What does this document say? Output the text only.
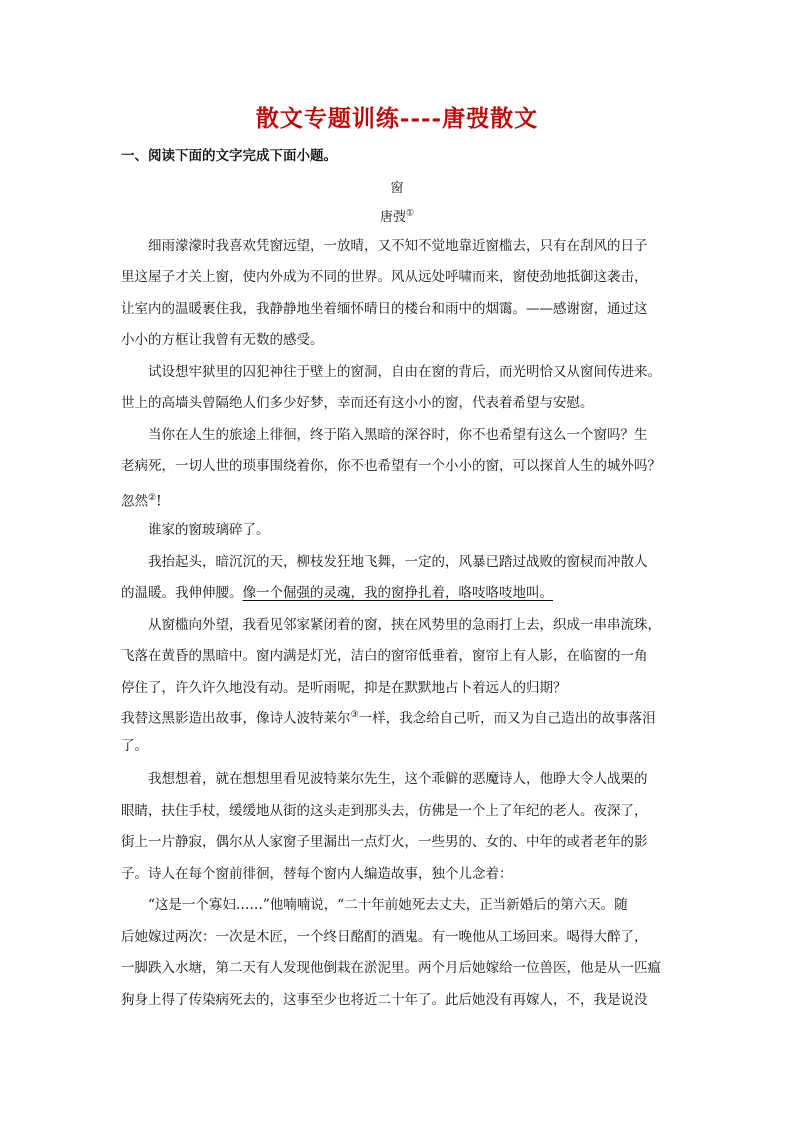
散文专题训练----唐弢散文
一、阅读下面的文字完成下面小题。
窗
唐弢①
细雨濛濛时我喜欢凭窗远望，一放晴，又不知不觉地靠近窗槛去，只有在刮风的日子
里这屋子才关上窗，使内外成为不同的世界。风从远处呼啸而来，窗使劲地抵御这袭击，
让室内的温暖裹住我，我静静地坐着缅怀晴日的楼台和雨中的烟霭。——感谢窗，通过这
小小的方框让我曾有无数的感受。
试设想牢狱里的囚犯神往于壁上的窗洞，自由在窗的背后，而光明恰又从窗间传进来。
世上的高墙头曾隔绝人们多少好梦，幸而还有这小小的窗，代表着希望与安慰。
当你在人生的旅途上徘徊，终于陷入黑暗的深谷时，你不也希望有这么一个窗吗？生
老病死，一切人世的琐事围绕着你，你不也希望有一个小小的窗，可以探首人生的城外吗？
忽然②!
谁家的窗玻璃碎了。
我抬起头，暗沉沉的天，柳枝发狂地飞舞，一定的，风暴已踏过战败的窗棂而冲散人
的温暖。我伸伸腰。像一个倔强的灵魂，我的窗挣扎着，咯吱咯吱地叫。
从窗槛向外望，我看见邻家紧闭着的窗，挟在风势里的急雨打上去，织成一串串流珠，
飞落在黄昏的黑暗中。窗内满是灯光，洁白的窗帘低垂着，窗帘上有人影，在临窗的一角
停住了，许久许久地没有动。是听雨呢，抑是在默默地占卜着远人的归期？
我替这黑影造出故事，像诗人波特莱尔③一样，我念给自己听，而又为自己造出的故事落泪
了。
我想想着，就在想想里看见波特莱尔先生，这个乖僻的恶魔诗人，他睁大令人战栗的
眼睛，扶住手杖，缓缓地从街的这头走到那头去，仿佛是一个上了年纪的老人。夜深了，
街上一片静寂，偶尔从人家窗子里漏出一点灯火，一些男的、女的、中年的或者老年的影
子。诗人在每个窗前徘徊，替每个窗内人编造故事，独个儿念着：
“这是一个寡妇……”他喃喃说，“二十年前她死去丈夫，正当新婚后的第六天。随
后她嫁过两次：一次是木匠，一个终日酩酊的酒鬼。有一晚他从工场回来。喝得大醉了，
一脚跌入水塘，第二天有人发现他倒栽在淤泥里。两个月后她嫁给一位兽医，他是从一匹瘟
狗身上得了传染病死去的，这事至少也将近二十年了。此后她没有再嫁人，不，我是说没
